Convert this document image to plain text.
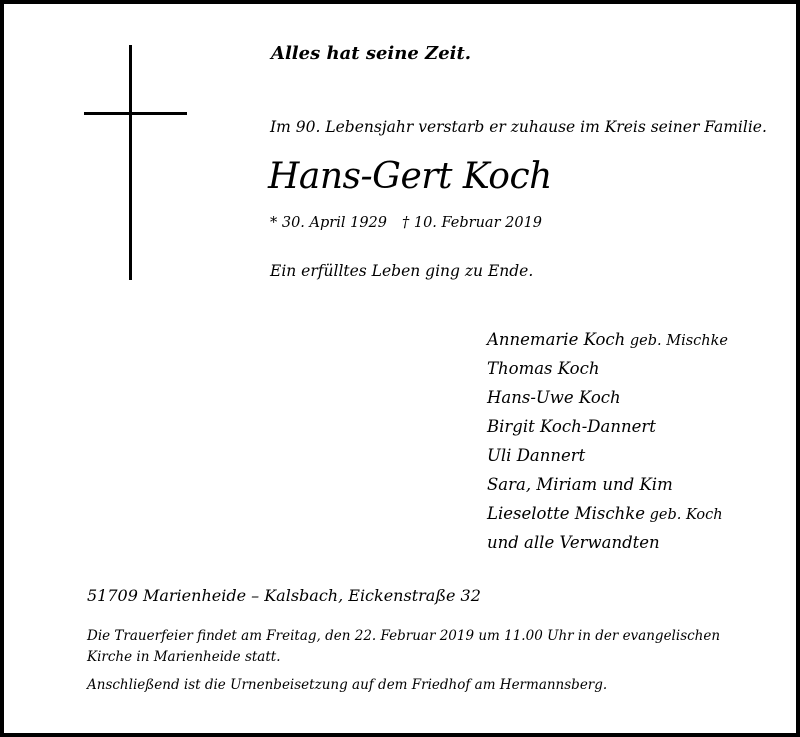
Alles hat seine Zeit.
Im 90. Lebensjahr verstarb er zuhause im Kreis seiner Familie.
Hans-Gert Koch
* 30. April 1929 † 10. Februar 2019
Ein erfülltes Leben ging zu Ende.
Annemarie Koch geb. Mischke
Thomas Koch
Hans-Uwe Koch
Birgit Koch-Dannert
Uli Dannert
Sara, Miriam und Kim
Lieselotte Mischke geb. Koch
und alle Verwandten
51709 Marienheide – Kalsbach, Eickenstraße 32
Die Trauerfeier findet am Freitag, den 22. Februar 2019 um 11.00 Uhr in der evangelischen Kirche in Marienheide statt.
Anschließend ist die Urnenbeisetzung auf dem Friedhof am Hermannsberg.
